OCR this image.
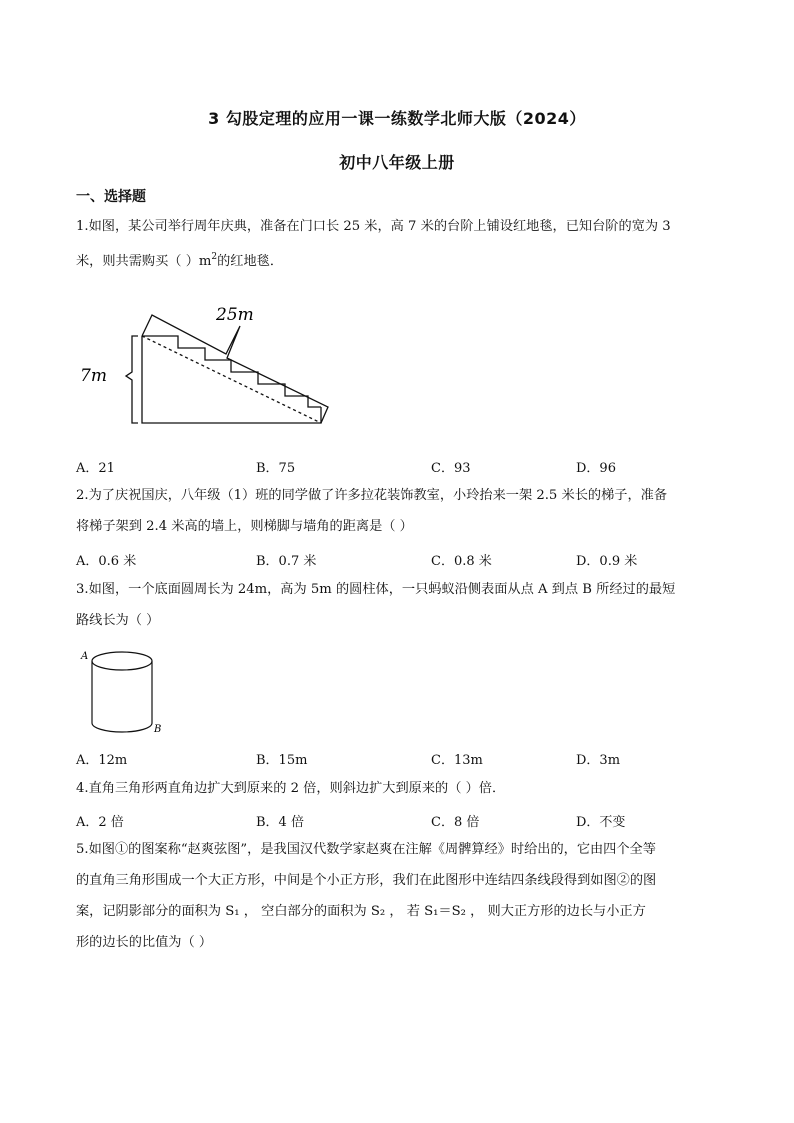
3 勾股定理的应用一课一练数学北师大版（2024）
初中八年级上册
一、选择题
1.如图，某公司举行周年庆典，准备在门口长 25 米，高 7 米的台阶上铺设红地毯，已知台阶的宽为 3
米，则共需购买（ ）$m^2$的红地毯．
25m
7m
A．21	B．75	C．93	D．96
2.为了庆祝国庆，八年级（1）班的同学做了许多拉花装饰教室，小玲抬来一架 2.5 米长的梯子，准备
将梯子架到 2.4 米高的墙上，则梯脚与墙角的距离是（ ）
A．0.6 米	B．0.7 米	C．0.8 米	D．0.9 米
3.如图，一个底面圆周长为 24m，高为 5m 的圆柱体，一只蚂蚁沿侧表面从点 A 到点 B 所经过的最短
路线长为（ ）
A
B
A．12m	B．15m	C．13m	D．3m
4.直角三角形两直角边扩大到原来的 2 倍，则斜边扩大到原来的（ ）倍．
A．2 倍	B．4 倍	C．8 倍	D．不变
5.如图①的图案称“赵爽弦图”，是我国汉代数学家赵爽在注解《周髀算经》时给出的，它由四个全等
的直角三角形围成一个大正方形，中间是个小正方形，我们在此图形中连结四条线段得到如图②的图
案，记阴影部分的面积为 S₁ ， 空白部分的面积为 S₂ ， 若 S₁＝S₂ ， 则大正方形的边长与小正方
形的边长的比值为（ ）
